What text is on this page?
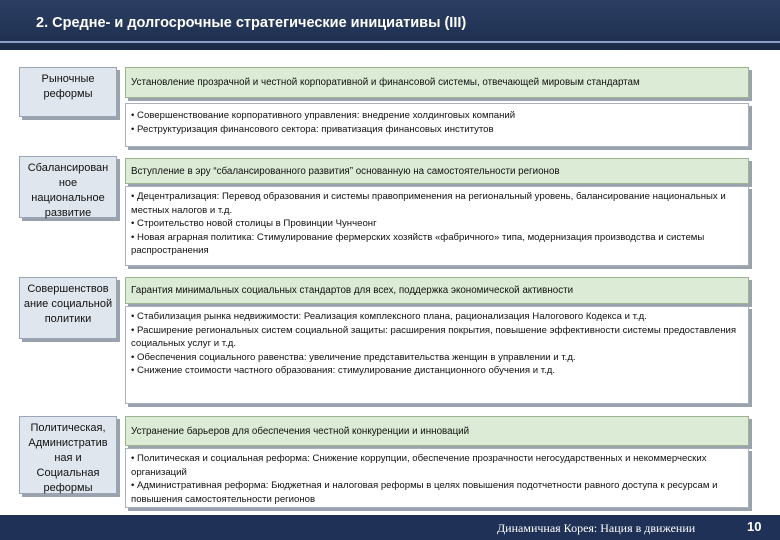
2. Средне- и долгосрочные стратегические инициативы (III)
Рыночные реформы
Установление прозрачной и честной корпоративной и финансовой системы, отвечающей мировым стандартам
• Совершенствование корпоративного управления: внедрение холдинговых компаний
• Реструктуризация финансового сектора: приватизация финансовых институтов
Сбалансирован ное национальное развитие
Вступление в эру “сбалансированного развития” основанную на самостоятельности регионов
• Децентрализация: Перевод образования и системы правоприменения на региональный уровень, балансирование национальных и местных налогов и т.д.
• Строительство новой столицы в Провинции Чунчеонг
• Новая аграрная политика: Стимулирование фермерских хозяйств «фабричного» типа, модернизация производства и системы распространения
Совершенствов ание социальной политики
Гарантия минимальных социальных стандартов для всех, поддержка экономической активности
• Стабилизация рынка недвижимости: Реализация комплексного плана, рационализация Налогового Кодекса и т.д.
• Расширение региональных систем социальной защиты: расширения покрытия, повышение эффективности системы предоставления социальных услуг и т.д.
• Обеспечения социального равенства: увеличение представительства женщин в управлении и т.д.
• Снижение стоимости частного образования: стимулирование дистанционного обучения и т.д.
Политическая, Административ ная и Социальная реформы
Устранение барьеров для обеспечения честной конкуренции и инноваций
• Политическая и социальная реформа: Снижение коррупции, обеспечение прозрачности негосударственных и некоммерческих организаций
• Административная реформа: Бюджетная и налоговая реформы в целях повышения подотчетности равного доступа к ресурсам и повышения самостоятельности регионов
Динамичная Корея: Нация в движении	10
